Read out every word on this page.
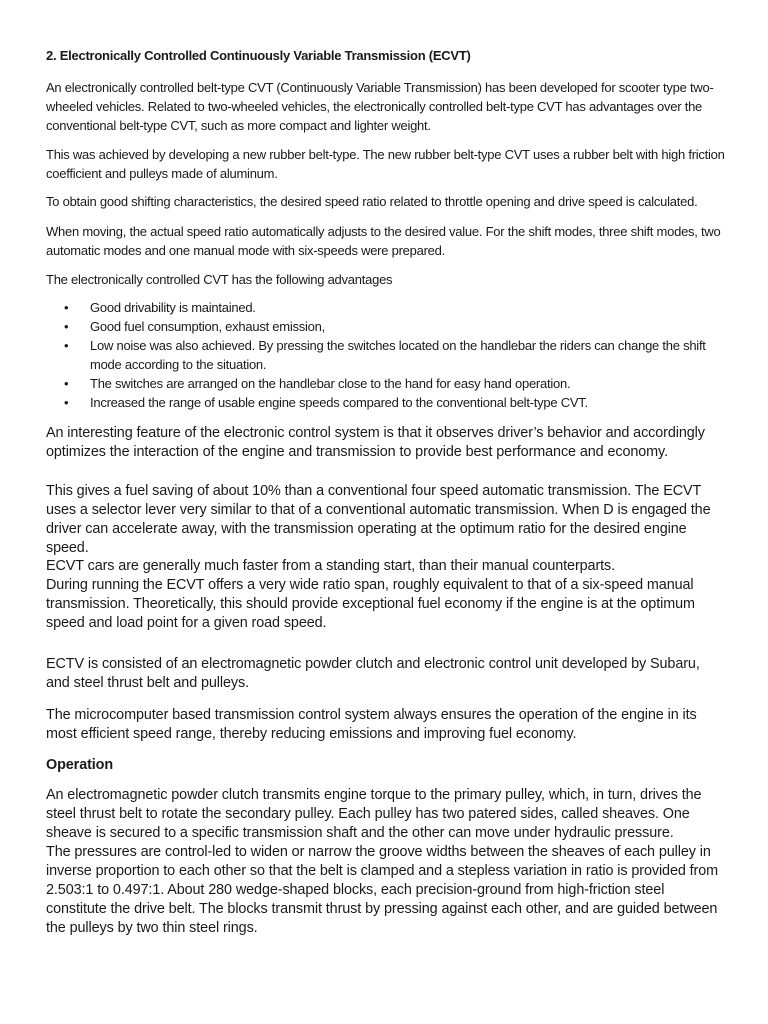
2. Electronically Controlled Continuously Variable Transmission (ECVT)

An electronically controlled belt-type CVT (Continuously Variable Transmission) has been developed for scooter type two-wheeled vehicles. Related to two-wheeled vehicles, the electronically controlled belt-type CVT has advantages over the conventional belt-type CVT, such as more compact and lighter weight.

This was achieved by developing a new rubber belt-type. The new rubber belt-type CVT uses a rubber belt with high friction coefficient and pulleys made of aluminum.

To obtain good shifting characteristics, the desired speed ratio related to throttle opening and drive speed is calculated.

When moving, the actual speed ratio automatically adjusts to the desired value. For the shift modes, three shift modes, two automatic modes and one manual mode with six-speeds were prepared.

The electronically controlled CVT has the following advantages

• Good drivability is maintained.
• Good fuel consumption, exhaust emission,
• Low noise was also achieved. By pressing the switches located on the handlebar the riders can change the shift mode according to the situation.
• The switches are arranged on the handlebar close to the hand for easy hand operation.
• Increased the range of usable engine speeds compared to the conventional belt-type CVT.

An interesting feature of the electronic control system is that it observes driver’s behavior and accordingly optimizes the interaction of the engine and transmission to provide best performance and economy.

This gives a fuel saving of about 10% than a conventional four speed automatic transmission. The ECVT uses a selector lever very similar to that of a conventional automatic transmission. When D is engaged the driver can accelerate away, with the transmission operating at the optimum ratio for the desired engine speed.

ECVT cars are generally much faster from a standing start, than their manual counterparts.

During running the ECVT offers a very wide ratio span, roughly equivalent to that of a six-speed manual transmission. Theoretically, this should provide exceptional fuel economy if the engine is at the optimum speed and load point for a given road speed.

ECTV is consisted of an electromagnetic powder clutch and electronic control unit developed by Subaru, and steel thrust belt and pulleys.

The microcomputer based transmission control system always ensures the operation of the engine in its most efficient speed range, thereby reducing emissions and improving fuel economy.

Operation

An electromagnetic powder clutch transmits engine torque to the primary pulley, which, in turn, drives the steel thrust belt to rotate the secondary pulley. Each pulley has two patered sides, called sheaves. One sheave is secured to a specific transmission shaft and the other can move under hydraulic pressure.

The pressures are control-led to widen or narrow the groove widths between the sheaves of each pulley in inverse proportion to each other so that the belt is clamped and a stepless variation in ratio is provided from 2.503:1 to 0.497:1. About 280 wedge-shaped blocks, each precision-ground from high-friction steel constitute the drive belt. The blocks transmit thrust by pressing against each other, and are guided between the pulleys by two thin steel rings.
